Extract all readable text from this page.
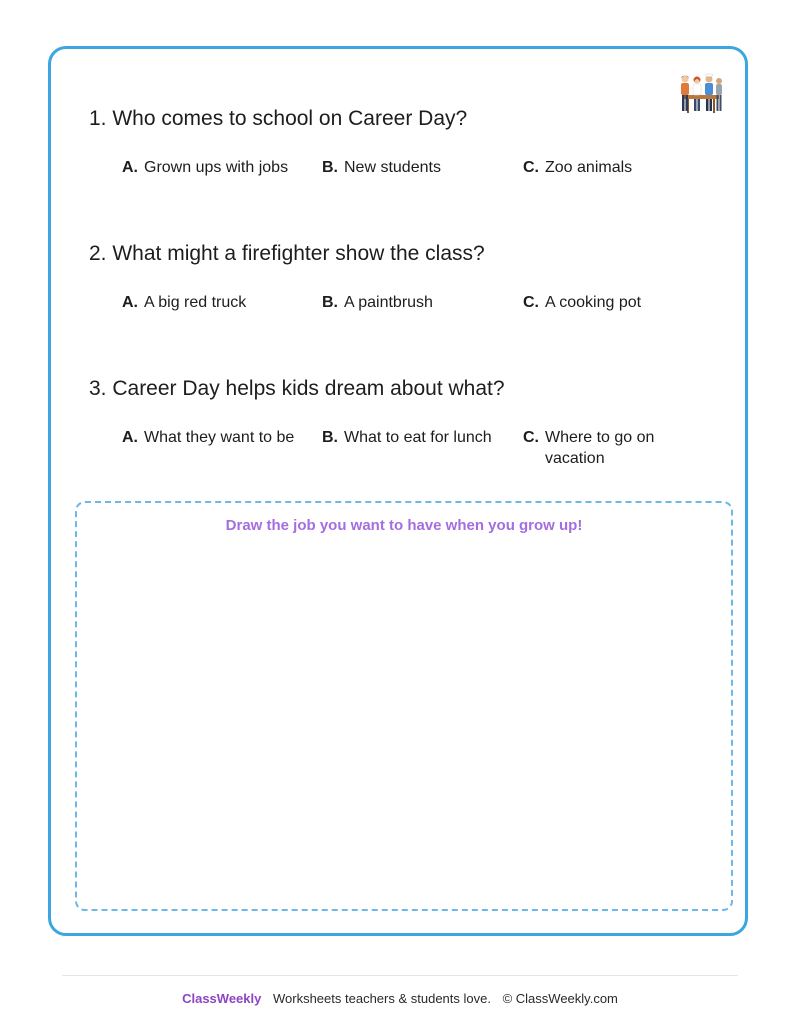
1. Who comes to school on Career Day?

A. Grown ups with jobs B. New students	C. Zoo animals

2. What might a firefighter show the class?

A. A big red truck	B. A paintbrush	C. A cooking pot

3. Career Day helps kids dream about what?

A. What they want to be B. What to eat for lunch C. Where to go on vacation
Draw the job you want to have when you grow up!
ClassWeekly Worksheets teachers & students love. © ClassWeekly.com
